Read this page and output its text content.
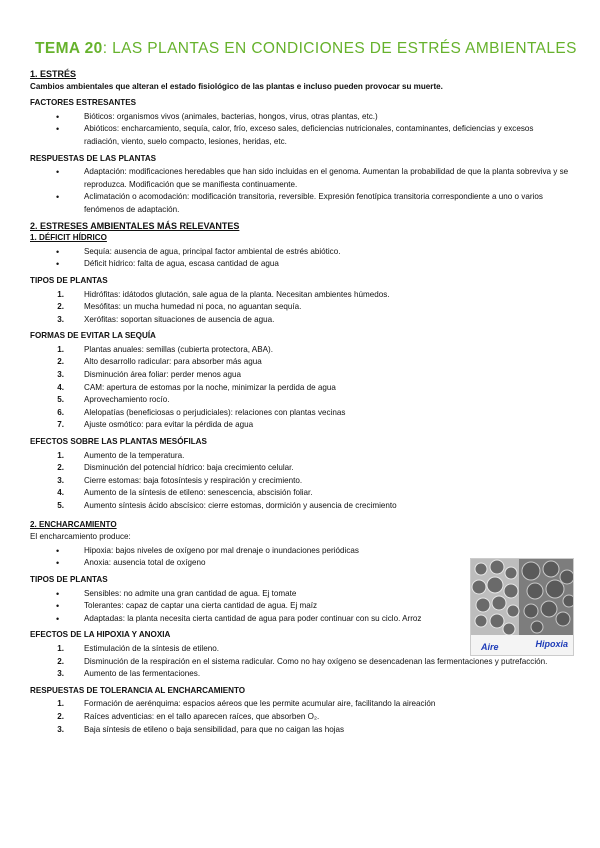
TEMA 20: LAS PLANTAS EN CONDICIONES DE ESTRÉS AMBIENTALES

1. ESTRÉS

Cambios ambientales que alteran el estado fisiológico de las plantas e incluso pueden provocar su muerte.

FACTORES ESTRESANTES

• Bióticos: organismos vivos (animales, bacterias, hongos, virus, otras plantas, etc.)
• Abióticos: encharcamiento, sequía, calor, frío, exceso sales, deficiencias nutricionales, contaminantes, deficiencias y excesos radiación, viento, suelo compacto, lesiones, heridas, etc.

RESPUESTAS DE LAS PLANTAS

• Adaptación: modificaciones heredables que han sido incluidas en el genoma. Aumentan la probabilidad de que la planta sobreviva y se reproduzca. Modificación que se manifiesta continuamente.
• Aclimatación o acomodación: modificación transitoria, reversible. Expresión fenotípica transitoria correspondiente a uno o varios fenómenos de adaptación.

2. ESTRESES AMBIENTALES MÁS RELEVANTES

1. DÉFICIT HÍDRICO

• Sequía: ausencia de agua, principal factor ambiental de estrés abiótico.
• Déficit hídrico: falta de agua, escasa cantidad de agua

TIPOS DE PLANTAS

1. Hidrófitas: idátodos glutación, sale agua de la planta. Necesitan ambientes húmedos.
2. Mesófitas: un mucha humedad ni poca, no aguantan sequía.
3. Xerófitas: soportan situaciones de ausencia de agua.

FORMAS DE EVITAR LA SEQUÍA

1. Plantas anuales: semillas (cubierta protectora, ABA).
2. Alto desarrollo radicular: para absorber más agua
3. Disminución área foliar: perder menos agua
4. CAM: apertura de estomas por la noche, minimizar la perdida de agua
5. Aprovechamiento rocío.
6. Alelopatías (beneficiosas o perjudiciales): relaciones con plantas vecinas
7. Ajuste osmótico: para evitar la pérdida de agua

EFECTOS SOBRE LAS PLANTAS MESÓFILAS

1. Aumento de la temperatura.
2. Disminución del potencial hídrico: baja crecimiento celular.
3. Cierre estomas: baja fotosíntesis y respiración y crecimiento.
4. Aumento de la síntesis de etileno: senescencia, abscisión foliar.
5. Aumento síntesis ácido abscísico: cierre estomas, dormición y ausencia de crecimiento

2. ENCHARCAMIENTO

El encharcamiento produce:

• Hipoxia: bajos niveles de oxígeno por mal drenaje o inundaciones periódicas
• Anoxia: ausencia total de oxígeno

TIPOS DE PLANTAS

• Sensibles: no admite una gran cantidad de agua. Ej tomate
• Tolerantes: capaz de captar una cierta cantidad de agua. Ej maíz
• Adaptadas: la planta necesita cierta cantidad de agua para poder continuar con su ciclo. Arroz

EFECTOS DE LA HIPOXIA Y ANOXIA

1. Estimulación de la síntesis de etileno.
2. Disminución de la respiración en el sistema radicular. Como no hay oxígeno se desencadenan las fermentaciones y putrefacción.
3. Aumento de las fermentaciones.

RESPUESTAS DE TOLERANCIA AL ENCHARCAMIENTO

1. Formación de aerénquima: espacios aéreos que les permite acumular aire, facilitando la aireación
2. Raíces adventicias: en el tallo aparecen raíces, que absorben O₂.
3. Baja síntesis de etileno o baja sensibilidad, para que no caigan las hojas
Aire	Hipoxia
